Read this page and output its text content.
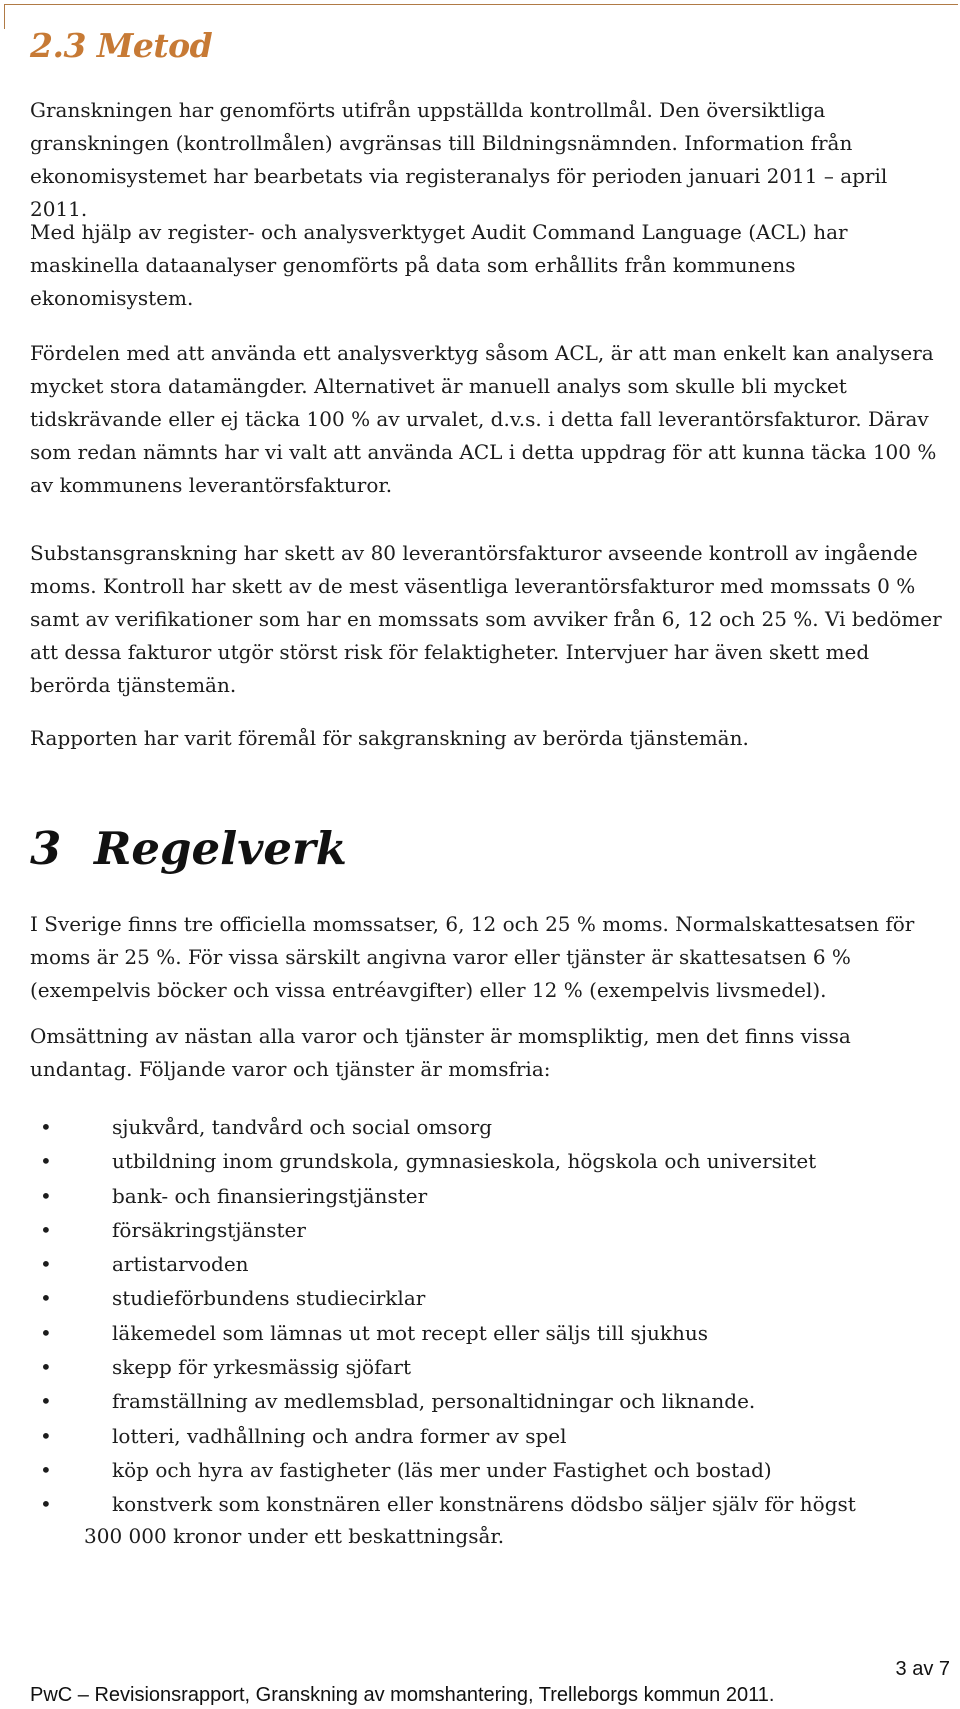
2.3 Metod

Granskningen har genomförts utifrån uppställda kontrollmål. Den översiktliga granskningen (kontrollmålen) avgränsas till Bildningsnämnden. Information från ekonomisystemet har bearbetats via registeranalys för perioden januari 2011 – april 2011.

Med hjälp av register- och analysverktyget Audit Command Language (ACL) har maskinella dataanalyser genomförts på data som erhållits från kommunens ekonomisystem.

Fördelen med att använda ett analysverktyg såsom ACL, är att man enkelt kan analysera mycket stora datamängder. Alternativet är manuell analys som skulle bli mycket tidskrävande eller ej täcka 100 % av urvalet, d.v.s. i detta fall leverantörsfakturor. Därav som redan nämnts har vi valt att använda ACL i detta uppdrag för att kunna täcka 100 % av kommunens leverantörsfakturor.

Substansgranskning har skett av 80 leverantörsfakturor avseende kontroll av ingående moms. Kontroll har skett av de mest väsentliga leverantörsfakturor med momssats 0 % samt av verifikationer som har en momssats som avviker från 6, 12 och 25 %. Vi bedömer att dessa fakturor utgör störst risk för felaktigheter. Intervjuer har även skett med berörda tjänstemän.

Rapporten har varit föremål för sakgranskning av berörda tjänstemän.

3 Regelverk

I Sverige finns tre officiella momssatser, 6, 12 och 25 % moms. Normalskattesatsen för moms är 25 %. För vissa särskilt angivna varor eller tjänster är skattesatsen 6 % (exempelvis böcker och vissa entréavgifter) eller 12 % (exempelvis livsmedel).

Omsättning av nästan alla varor och tjänster är momspliktig, men det finns vissa undantag. Följande varor och tjänster är momsfria:

•	sjukvård, tandvård och social omsorg
•	utbildning inom grundskola, gymnasieskola, högskola och universitet
•	bank- och finansieringstjänster
•	försäkringstjänster
•	artistarvoden
•	studieförbundens studiecirklar
•	läkemedel som lämnas ut mot recept eller säljs till sjukhus
•	skepp för yrkesmässig sjöfart
•	framställning av medlemsblad, personaltidningar och liknande.
•	lotteri, vadhållning och andra former av spel
•	köp och hyra av fastigheter (läs mer under Fastighet och bostad)
•	konstverk som konstnären eller konstnärens dödsbo säljer själv för högst
300 000 kronor under ett beskattningsår.
3 av 7
PwC – Revisionsrapport, Granskning av momshantering, Trelleborgs kommun 2011.
